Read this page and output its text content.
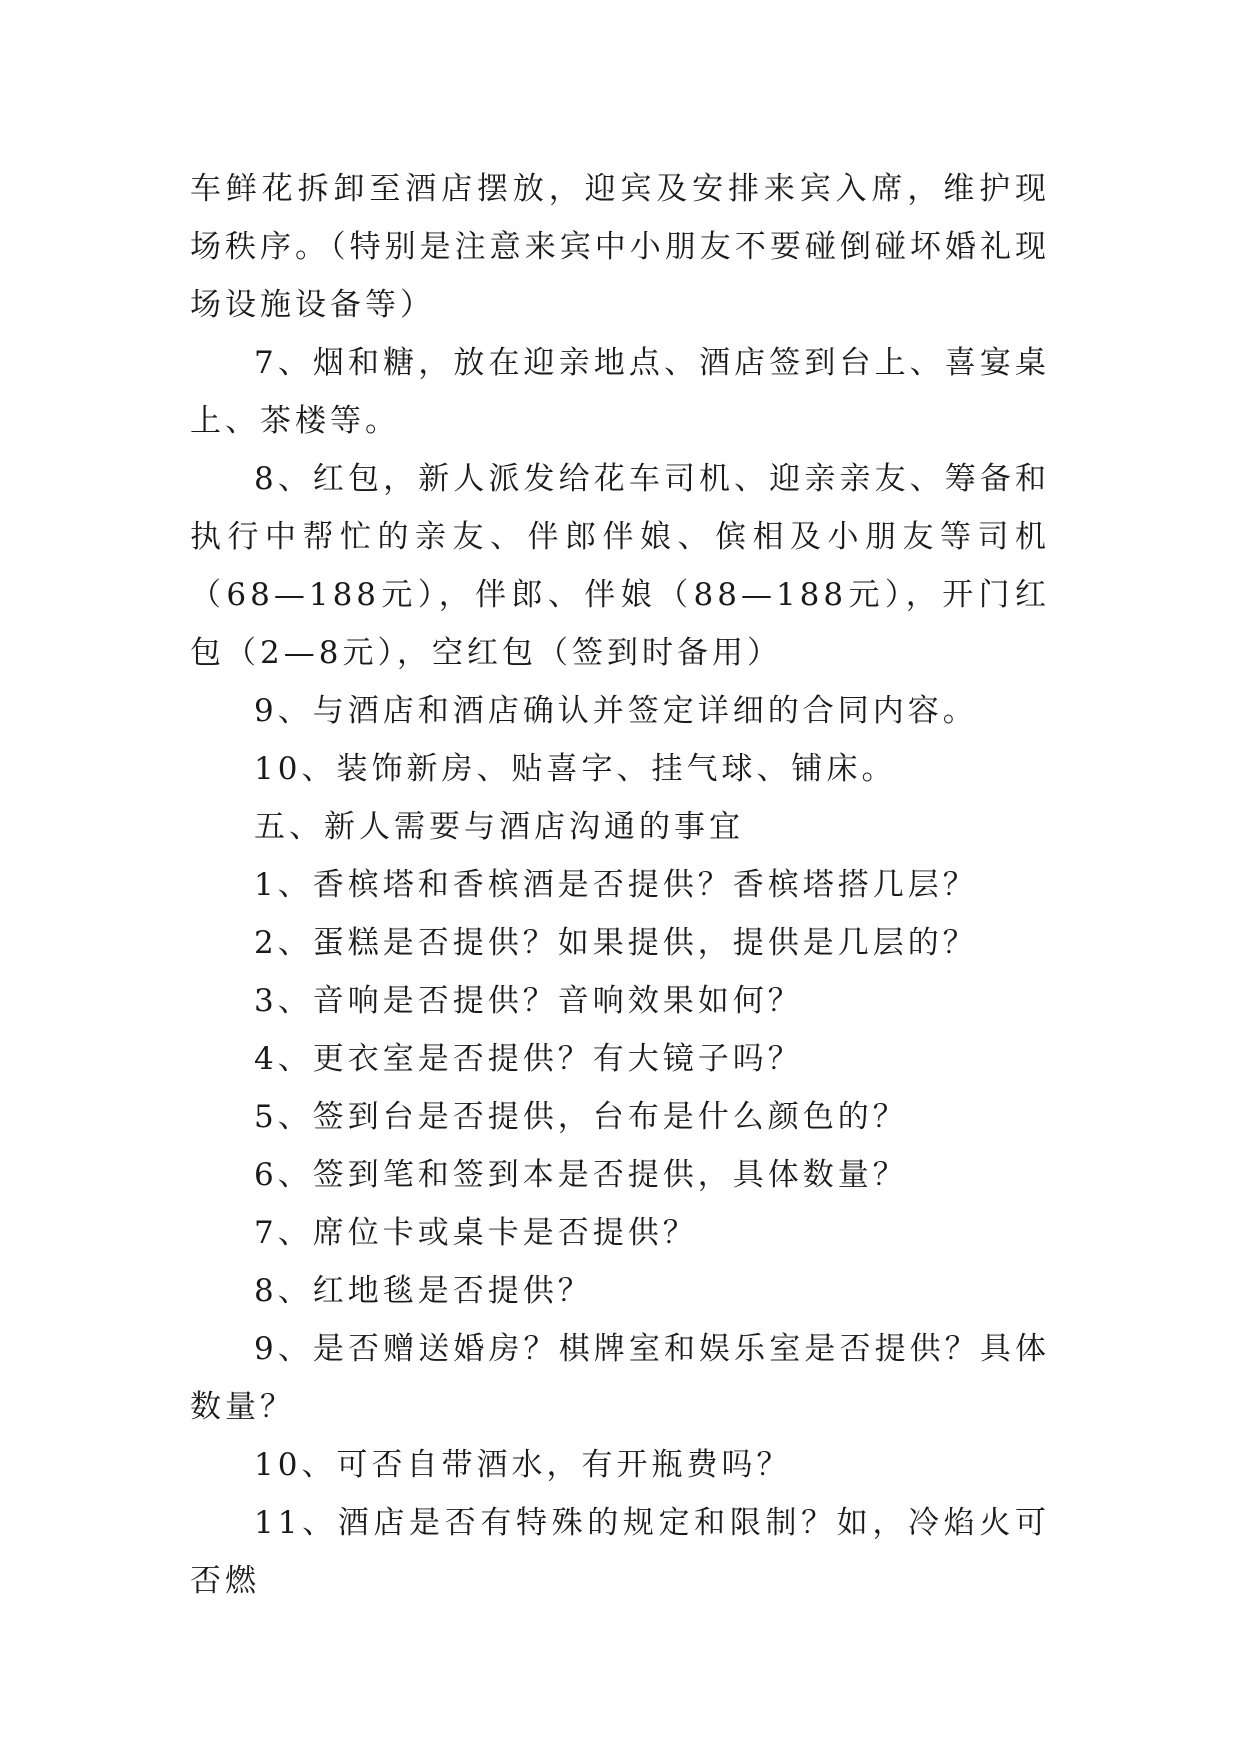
车鲜花拆卸至酒店摆放，迎宾及安排来宾入席，维护现场秩序。（特别是注意来宾中小朋友不要碰倒碰坏婚礼现场设施设备等）

7、烟和糖，放在迎亲地点、酒店签到台上、喜宴桌上、茶楼等。

8、红包，新人派发给花车司机、迎亲亲友、筹备和执行中帮忙的亲友、伴郎伴娘、傧相及小朋友等司机（68—188元），伴郎、伴娘（88—188元），开门红包（2—8元），空红包（签到时备用）

9、与酒店和酒店确认并签定详细的合同内容。

10、装饰新房、贴喜字、挂气球、铺床。

五、新人需要与酒店沟通的事宜

1、香槟塔和香槟酒是否提供？香槟塔搭几层？

2、蛋糕是否提供？如果提供，提供是几层的？

3、音响是否提供？音响效果如何？

4、更衣室是否提供？有大镜子吗？

5、签到台是否提供，台布是什么颜色的？

6、签到笔和签到本是否提供，具体数量？

7、席位卡或桌卡是否提供？

8、红地毯是否提供？

9、是否赠送婚房？棋牌室和娱乐室是否提供？具体数量？

10、可否自带酒水，有开瓶费吗？

11、酒店是否有特殊的规定和限制？如，冷焰火可否燃
